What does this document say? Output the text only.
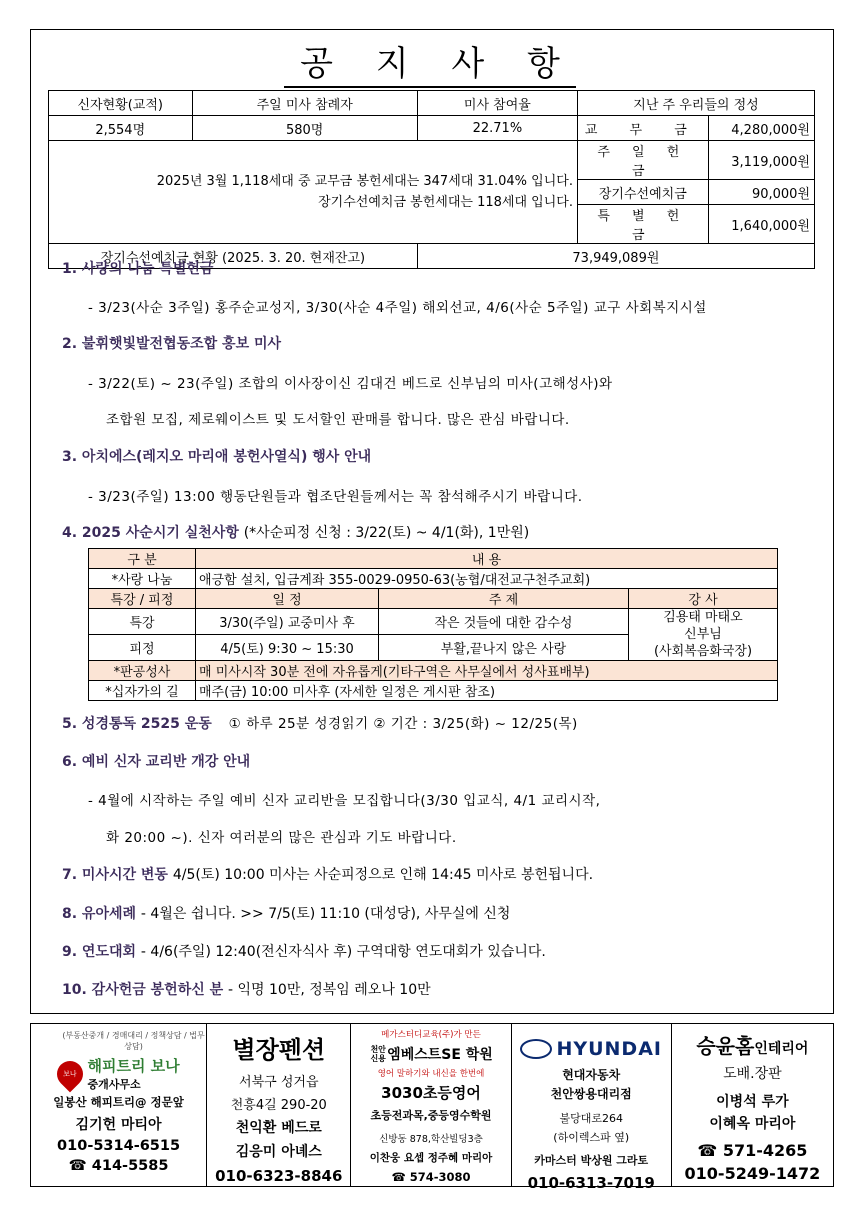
공 지 사 항
신자현황(교적)	주일 미사 참례자	미사 참여율	지난 주 우리들의 정성	
2,554명	580명	22.71%	교 무 금	4,280,000원

2025년 3월 1,118세대 중 교무금 봉헌세대는 347세대 31.04% 입니다.
장기수선예치금 봉헌세대는 118세대 입니다.			주 일 헌 금	3,119,000원
			장기수선예치금	90,000원
			특 별 헌 금	1,640,000원
장기수선예치금 현황 (2025. 3. 20. 현재잔고)		73,949,089원		
1. 사랑의 나눔 특별헌금
- 3/23(사순 3주일) 홍주순교성지, 3/30(사순 4주일) 해외선교, 4/6(사순 5주일) 교구 사회복지시설
2. 불휘햇빛발전협동조합 홍보 미사
- 3/22(토) ~ 23(주일) 조합의 이사장이신 김대건 베드로 신부님의 미사(고해성사)와
조합원 모집, 제로웨이스트 및 도서할인 판매를 합니다. 많은 관심 바랍니다.
3. 아치에스(레지오 마리애 봉헌사열식) 행사 안내
- 3/23(주일) 13:00 행동단원들과 협조단원들께서는 꼭 참석해주시기 바랍니다.
4. 2025 사순시기 실천사항 (*사순피정 신청 : 3/22(토) ~ 4/1(화), 1만원)
구 분	내 용		
*사랑 나눔	애긍함 설치, 입금계좌 355-0029-0950-63(농협/대전교구천주교회)		
특강 / 피정	일 정	주 제	강 사
특강	3/30(주일) 교중미사 후	작은 것들에 대한 감수성	김용태 마태오
신부님
(사회복음화국장)

피정	4/5(토) 9:30 ~ 15:30	부활,끝나지 않은 사랑	
*판공성사	매 미사시작 30분 전에 자유롭게(기타구역은 사무실에서 성사표배부)		
*십자가의 길	매주(금) 10:00 미사후 (자세한 일정은 게시판 참조)		
5. 성경통독 2525 운동 ① 하루 25분 성경읽기 ② 기간 : 3/25(화) ~ 12/25(목)
6. 예비 신자 교리반 개강 안내
- 4월에 시작하는 주일 예비 신자 교리반을 모집합니다(3/30 입교식, 4/1 교리시작,
화 20:00 ~). 신자 여러분의 많은 관심과 기도 바랍니다.
7. 미사시간 변동 4/5(토) 10:00 미사는 사순피정으로 인해 14:45 미사로 봉헌됩니다.
8. 유아세례 - 4월은 쉽니다. >> 7/5(토) 11:10 (대성당), 사무실에 신청
9. 연도대회 - 4/6(주일) 12:40(전신자식사 후) 구역대항 연도대회가 있습니다.
10. 감사헌금 봉헌하신 분 - 익명 10만, 정복임 레오나 10만
(부동산중개 / 경매대리 / 정책상담 / 법무상담)
보나 해피트리 보나
중개사무소
일봉산 해피트리@ 정문앞
김기헌 마티아
010-5314-6515
☎ 414-5585
별장펜션
서북구 성거읍
천흥4길 290-20
천익환 베드로
김응미 아녜스
010-6323-8846
메가스터디교육(주)가 만든
천안 신용 엠베스트SE 학원
영어 말하기와 내신을 한번에
3030초등영어
초등전과목,중등영수학원
신방동 878,학산빌딩3층
이찬웅 요셉 정주혜 마리아
☎ 574-3080
HYUNDAI
현대자동차
천안쌍용대리점
불당대로264
(하이렉스파 옆)
카마스터 박상원 그라토
010-6313-7019
승윤홈인테리어
도배.장판
이병석 루가
이혜옥 마리아
☎ 571-4265
010-5249-1472
